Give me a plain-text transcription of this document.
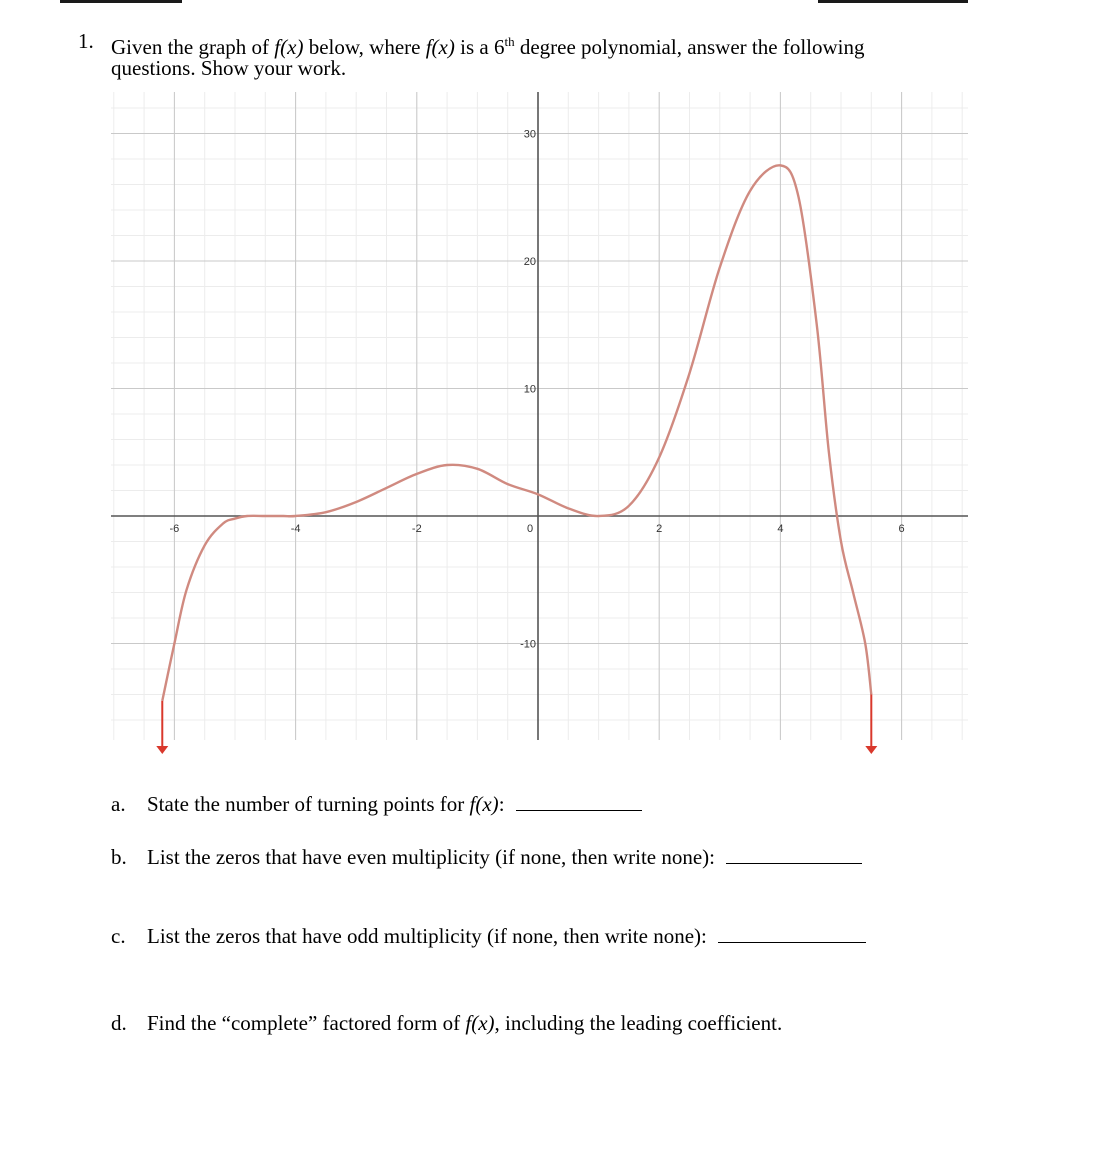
1. Given the graph of f(x) below, where f(x) is a 6th degree polynomial, answer the following
questions. Show your work.
-6	-4	-2	2	4	6
30
20
10
0
-10
a. State the number of turning points for f(x):
b. List the zeros that have even multiplicity (if none, then write none):
c. List the zeros that have odd multiplicity (if none, then write none):
d. Find the “complete” factored form of f(x), including the leading coefficient.
